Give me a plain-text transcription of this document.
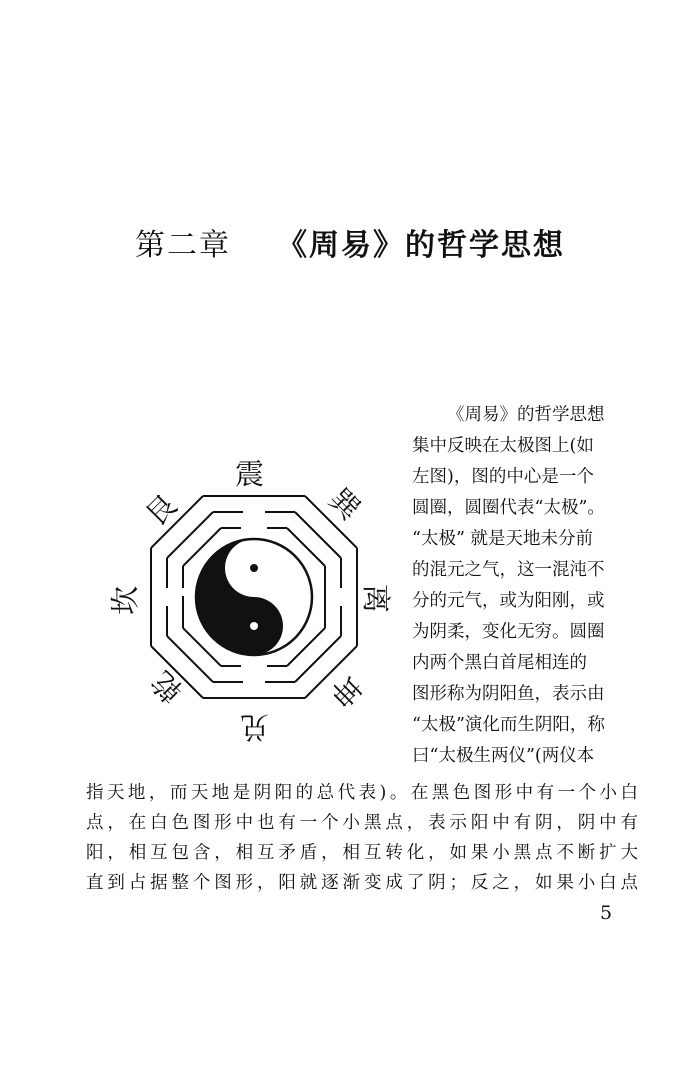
第二章 《周易》的哲学思想
震
巽
离
坤
兑
乾
坎
艮

《周易》的哲学思想

集中反映在太极图上(如

左图)，图的中心是一个

圆圈，圆圈代表“太极”。

“太极” 就是天地未分前

的混元之气，这一混沌不

分的元气，或为阳刚，或

为阴柔，变化无穷。圆圈

内两个黑白首尾相连的

图形称为阴阳鱼，表示由

“太极”演化而生阴阳，称

曰“太极生两仪”(两仪本

指天地，而天地是阴阳的总代表)。在黑色图形中有一个小白
点，在白色图形中也有一个小黑点，表示阳中有阴，阴中有
阳，相互包含，相互矛盾，相互转化，如果小黑点不断扩大
直到占据整个图形，阳就逐渐变成了阴；反之，如果小白点
5
